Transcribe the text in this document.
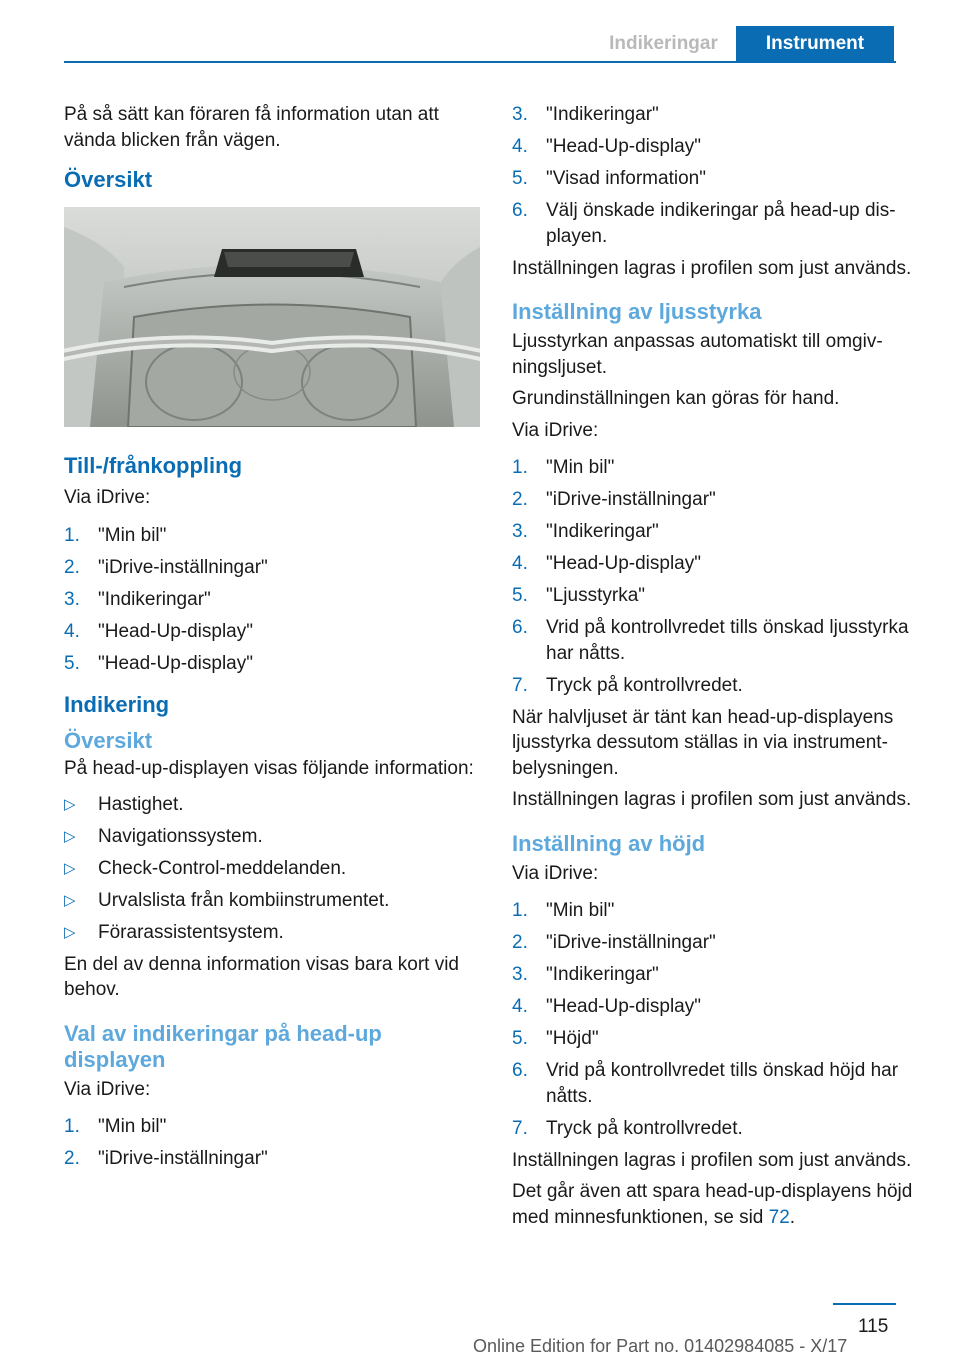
Indikeringar	Instrument

På så sätt kan föraren få information utan att vända blicken från vägen.

Översikt
Till-/frånkoppling

Via iDrive:

1. "Min bil"
2. "iDrive-inställningar"
3. "Indikeringar"
4. "Head-Up-display"
5. "Head-Up-display"
Indikering
Översikt

På head-up-displayen visas följande information:

▷	Hastighet.
▷	Navigationssystem.
▷	Check-Control-meddelanden.
▷	Urvalslista från kombiinstrumentet.
▷	Förarassistentsystem.

En del av denna information visas bara kort vid behov.

Val av indikeringar på head-up displayen

Via iDrive:

1. "Min bil"
2. "iDrive-inställningar"
3. "Indikeringar"
4. "Head-Up-display"
5. "Visad information"
6. Välj önskade indikeringar på head-up displayen.

Inställningen lagras i profilen som just används.

Inställning av ljusstyrka

Ljusstyrkan anpassas automatiskt till omgivningsljuset.

Grundinställningen kan göras för hand.

Via iDrive:

1. "Min bil"
2. "iDrive-inställningar"
3. "Indikeringar"
4. "Head-Up-display"
5. "Ljusstyrka"
6. Vrid på kontrollvredet tills önskad ljusstyrka har nåtts.
7. Tryck på kontrollvredet.

När halvljuset är tänt kan head-up-displayens ljusstyrka dessutom ställas in via instrumentbelysningen.

Inställningen lagras i profilen som just används.

Inställning av höjd

Via iDrive:

1. "Min bil"
2. "iDrive-inställningar"
3. "Indikeringar"
4. "Head-Up-display"
5. "Höjd"
6. Vrid på kontrollvredet tills önskad höjd har nåtts.
7. Tryck på kontrollvredet.

Inställningen lagras i profilen som just används.

Det går även att spara head-up-displayens höjd med minnesfunktionen, se sid 72.

115
Online Edition for Part no. 01402984085 - X/17
